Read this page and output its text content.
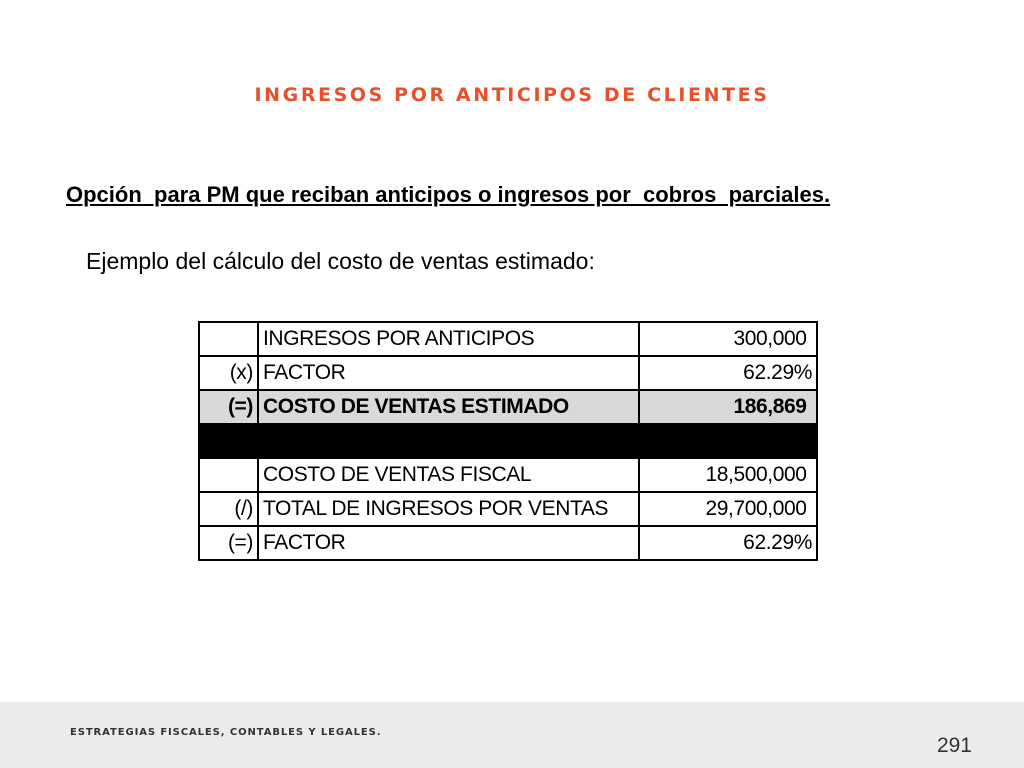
INGRESOS POR ANTICIPOS DE CLIENTES
Opción  para PM que reciban anticipos o ingresos por  cobros  parciales.
Ejemplo del cálculo del costo de ventas estimado:
	INGRESOS POR ANTICIPOS	300,000
(x)	FACTOR	62.29%
(=)	COSTO DE VENTAS ESTIMADO	186,869

	COSTO DE VENTAS FISCAL	18,500,000
(/)	TOTAL DE INGRESOS POR VENTAS	29,700,000
(=)	FACTOR	62.29%
ESTRATEGIAS FISCALES, CONTABLES Y LEGALES.
291
